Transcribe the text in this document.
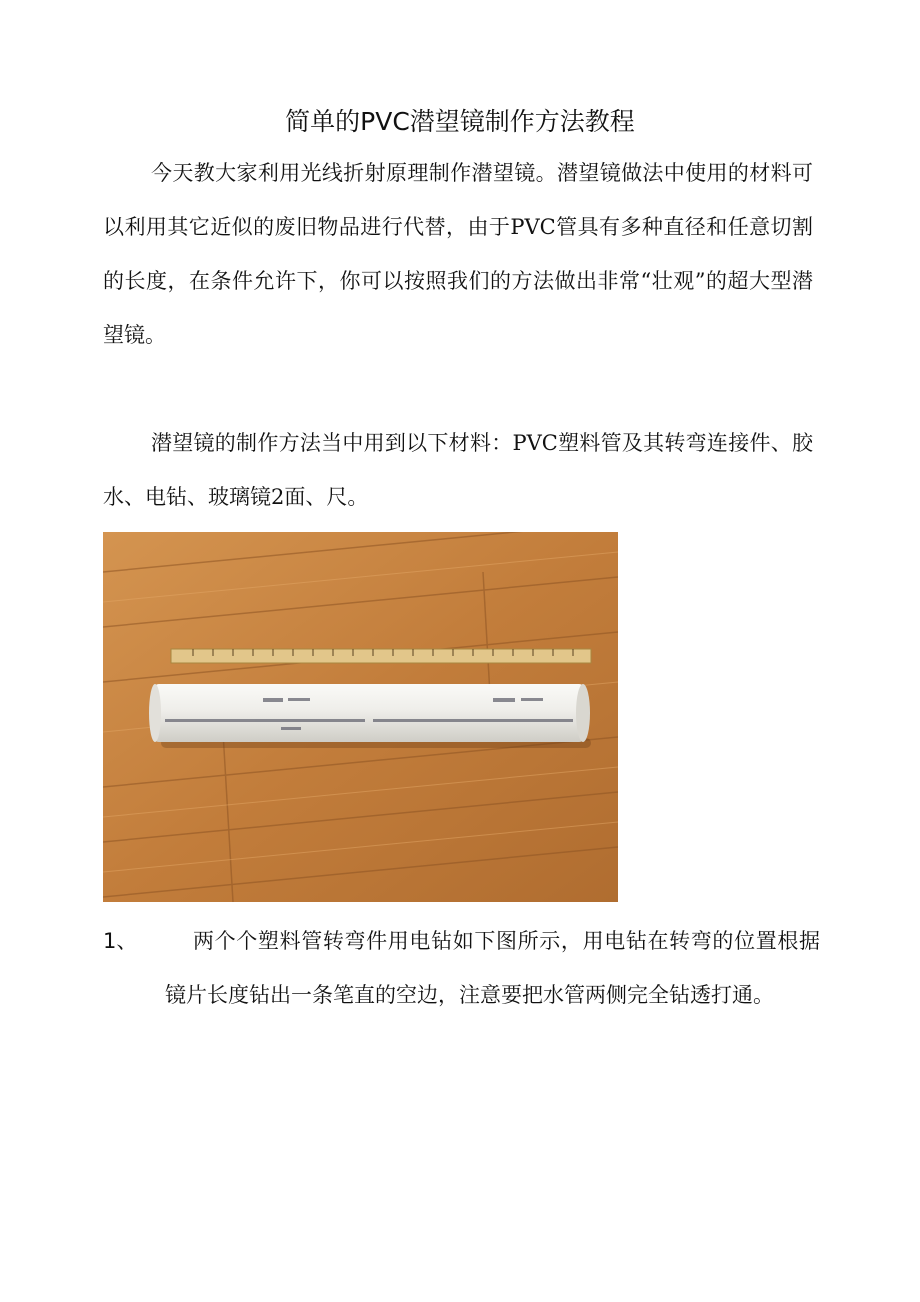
简单的PVC潜望镜制作方法教程
今天教大家利用光线折射原理制作潜望镜。潜望镜做法中使用的材料可以利用其它近似的废旧物品进行代替，由于PVC管具有多种直径和任意切割的长度，在条件允许下，你可以按照我们的方法做出非常“壮观”的超大型潜望镜。
潜望镜的制作方法当中用到以下材料：PVC塑料管及其转弯连接件、胶水、电钻、玻璃镜2面、尺。
1、	两个个塑料管转弯件用电钻如下图所示，用电钻在转弯的位置根据镜片长度钻出一条笔直的空边，注意要把水管两侧完全钻透打通。
